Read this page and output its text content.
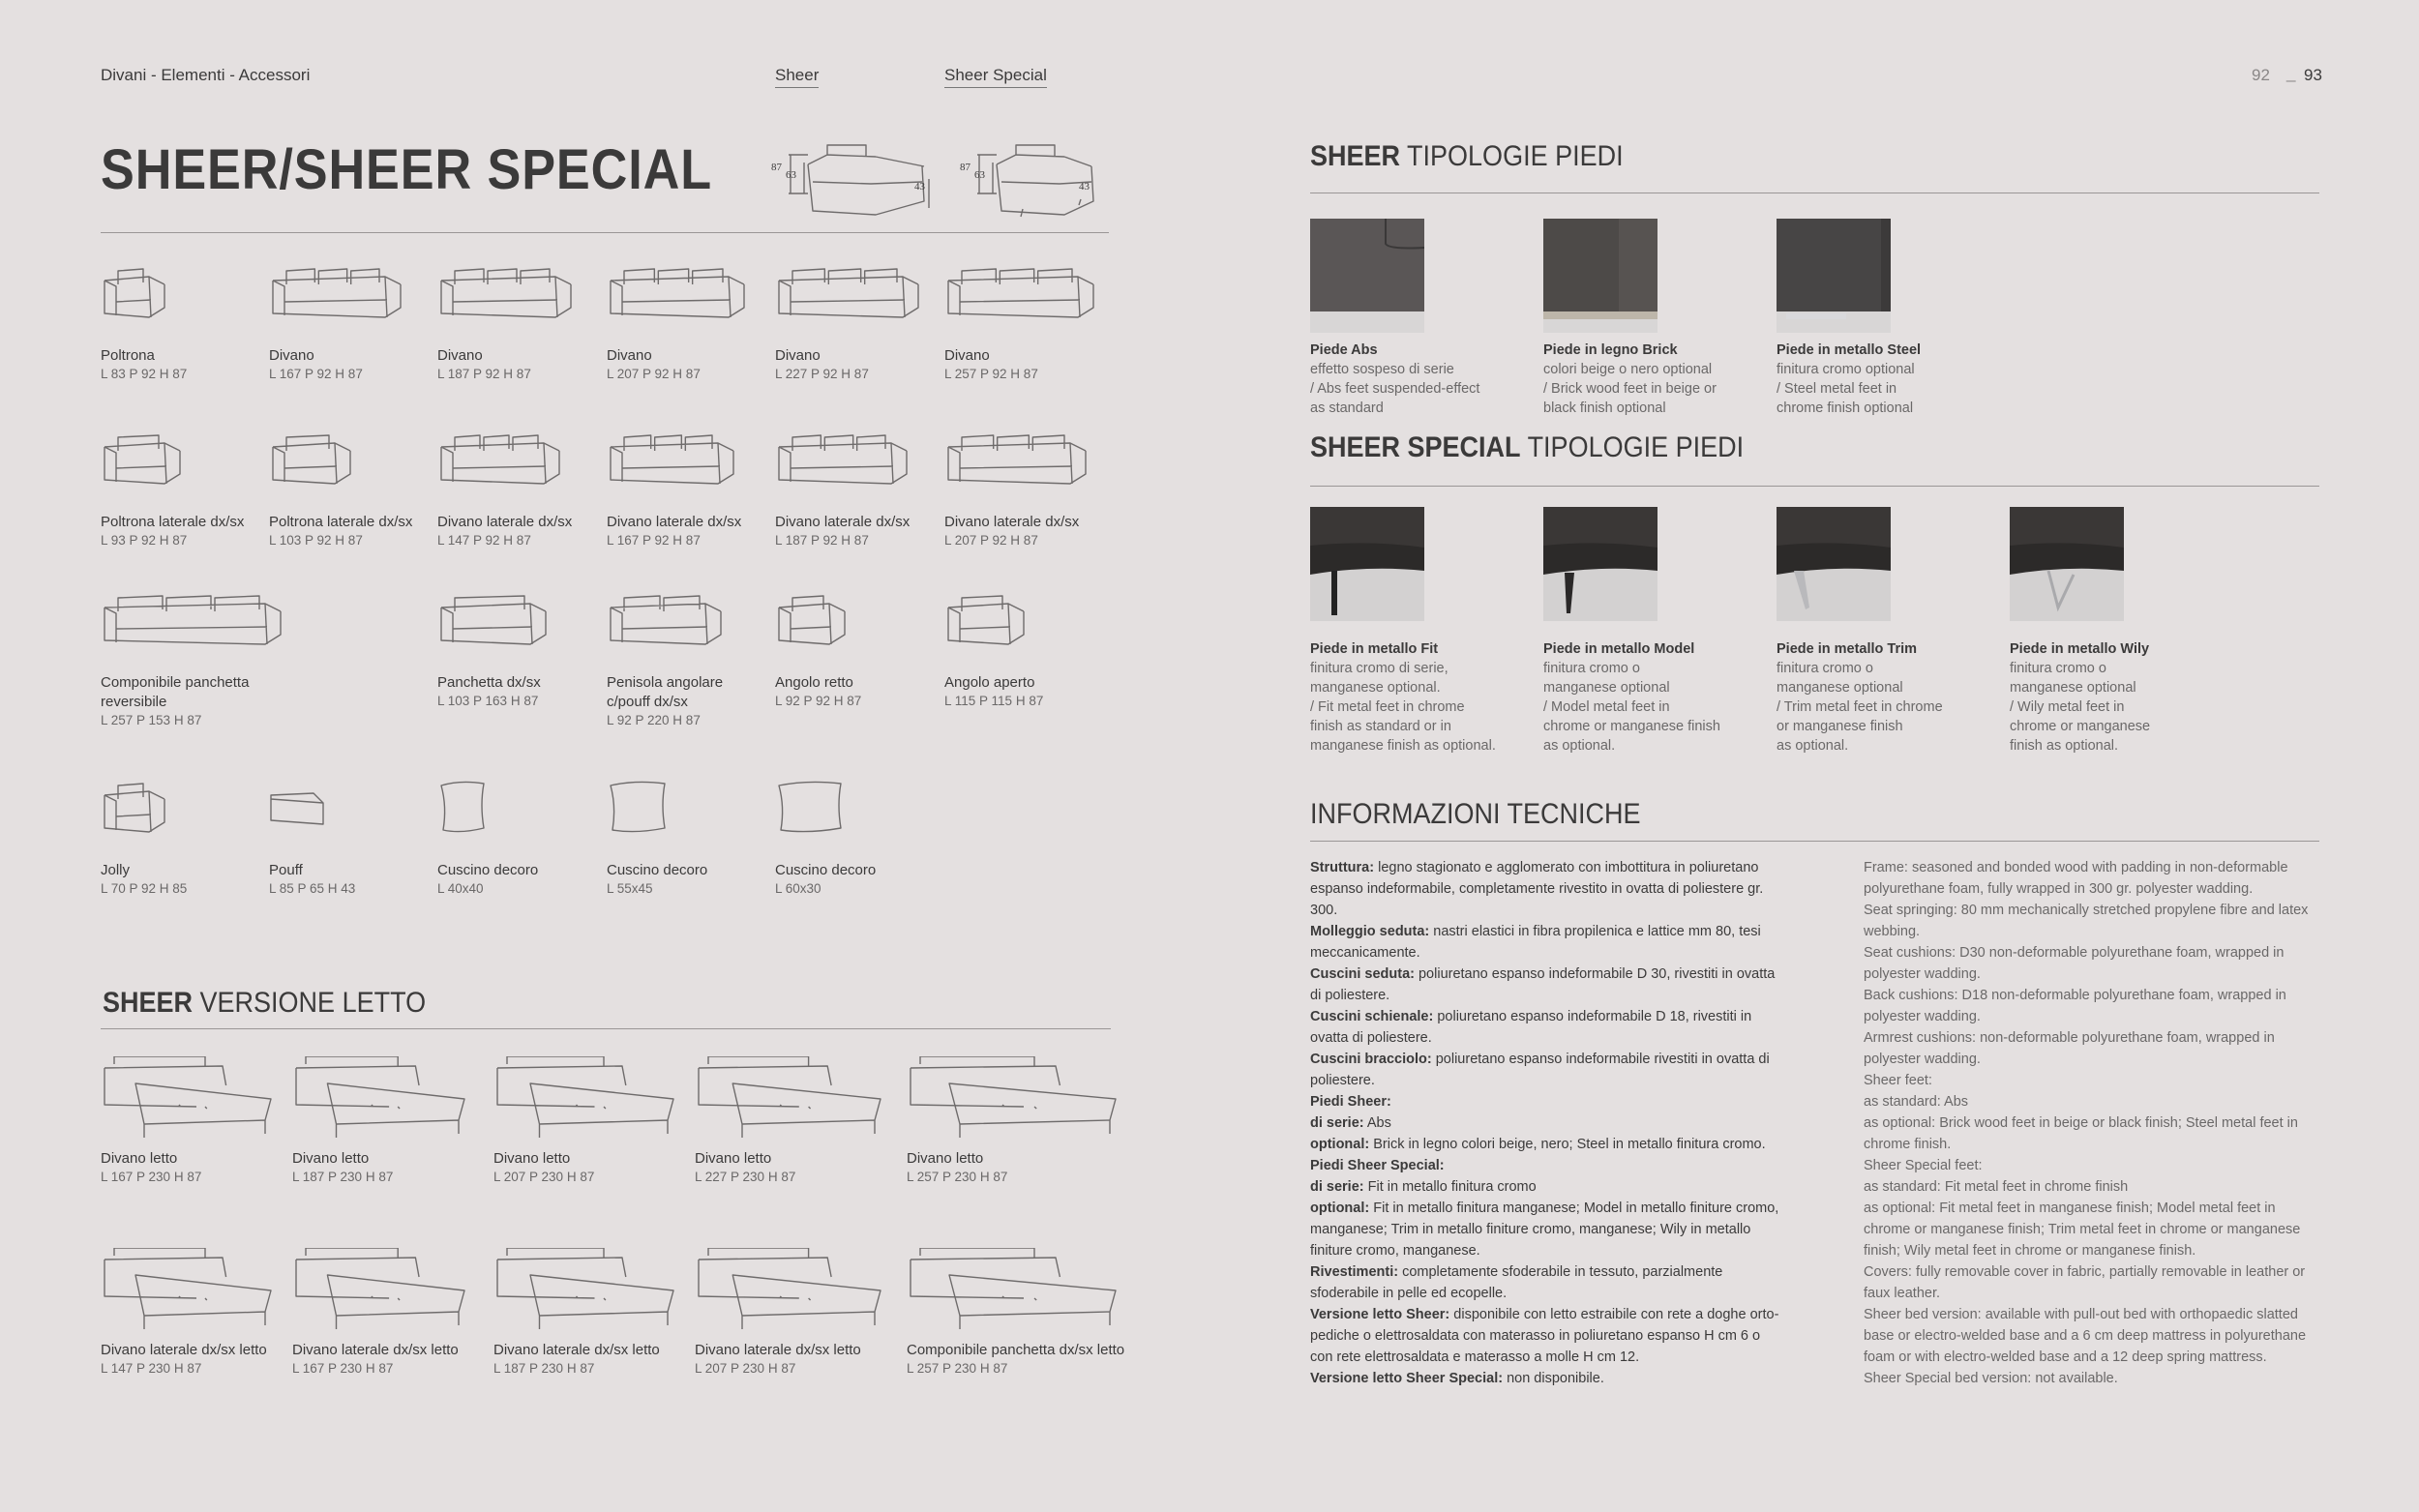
Divani - Elementi - Accessori	Sheer	Sheer Special	92 _ 93
SHEER/SHEER SPECIAL	87
63
43
87
63
43
Poltrona
L 83 P 92 H 87
Divano
L 167 P 92 H 87
Divano
L 187 P 92 H 87
Divano
L 207 P 92 H 87
Divano
L 227 P 92 H 87
Divano
L 257 P 92 H 87
Poltrona laterale dx/sx
L 93 P 92 H 87
Poltrona laterale dx/sx
L 103 P 92 H 87
Divano laterale dx/sx
L 147 P 92 H 87
Divano laterale dx/sx
L 167 P 92 H 87
Divano laterale dx/sx
L 187 P 92 H 87
Divano laterale dx/sx
L 207 P 92 H 87
Componibile panchetta reversibile
L 257 P 153 H 87
Panchetta dx/sx
L 103 P 163 H 87
Penisola angolare c/pouff dx/sx
L 92 P 220 H 87
Angolo retto
L 92 P 92 H 87
Angolo aperto
L 115 P 115 H 87
Jolly
L 70 P 92 H 85
Pouff
L 85 P 65 H 43
Cuscino decoro
L 40x40
Cuscino decoro
L 55x45
Cuscino decoro
L 60x30
SHEER VERSIONE LETTO
Divano letto
L 167 P 230 H 87
Divano letto
L 187 P 230 H 87
Divano letto
L 207 P 230 H 87
Divano letto
L 227 P 230 H 87
Divano letto
L 257 P 230 H 87
Divano laterale dx/sx letto
L 147 P 230 H 87
Divano laterale dx/sx letto
L 167 P 230 H 87
Divano laterale dx/sx letto
L 187 P 230 H 87
Divano laterale dx/sx letto
L 207 P 230 H 87
Componibile panchetta dx/sx letto
L 257 P 230 H 87
SHEER TIPOLOGIE PIEDI
Piede Abs
effetto sospeso di serie
/ Abs feet suspended-effect
as standard
Piede in legno Brick
colori beige o nero optional
/ Brick wood feet in beige or
black finish optional
Piede in metallo Steel
finitura cromo optional
/ Steel metal feet in
chrome finish optional
SHEER SPECIAL TIPOLOGIE PIEDI
Piede in metallo Fit
finitura cromo di serie,
manganese optional.
/ Fit metal feet in chrome
finish as standard or in
manganese finish as optional.
Piede in metallo Model
finitura cromo o
manganese optional
/ Model metal feet in
chrome or manganese finish
as optional.
Piede in metallo Trim
finitura cromo o
manganese optional
/ Trim metal feet in chrome
or manganese finish
as optional.
Piede in metallo Wily
finitura cromo o
manganese optional
/ Wily metal feet in
chrome or manganese
finish as optional.
INFORMAZIONI TECNICHE
Struttura: legno stagionato e agglomerato con imbottitura in poliuretano espanso indeformabile, completamente rivestito in ovatta di poliestere gr. 300.
Molleggio seduta: nastri elastici in fibra propilenica e lattice mm 80, tesi meccanicamente.
Cuscini seduta: poliuretano espanso indeformabile D 30, rivestiti in ovatta di poliestere.
Cuscini schienale: poliuretano espanso indeformabile D 18, rivestiti in ovatta di poliestere.
Cuscini bracciolo: poliuretano espanso indeformabile rivestiti in ovatta di poliestere.
Piedi Sheer:
di serie: Abs
optional: Brick in legno colori beige, nero; Steel in metallo finitura cromo.
Piedi Sheer Special:
di serie: Fit in metallo finitura cromo
optional: Fit in metallo finitura manganese; Model in metallo finiture cromo, manganese; Trim in metallo finiture cromo, manganese; Wily in metallo finiture cromo, manganese.
Rivestimenti: completamente sfoderabile in tessuto, parzialmente sfoderabile in pelle ed ecopelle.
Versione letto Sheer: disponibile con letto estraibile con rete a doghe orto-pediche o elettrosaldata con materasso in poliuretano espanso H cm 6 o con rete elettrosaldata e materasso a molle H cm 12.
Versione letto Sheer Special: non disponibile.
Frame: seasoned and bonded wood with padding in non-deformable polyurethane foam, fully wrapped in 300 gr. polyester wadding.
Seat springing: 80 mm mechanically stretched propylene fibre and latex webbing.
Seat cushions: D30 non-deformable polyurethane foam, wrapped in polyester wadding.
Back cushions: D18 non-deformable polyurethane foam, wrapped in polyester wadding.
Armrest cushions: non-deformable polyurethane foam, wrapped in polyester wadding.
Sheer feet:
as standard: Abs
as optional: Brick wood feet in beige or black finish; Steel metal feet in chrome finish.
Sheer Special feet:
as standard: Fit metal feet in chrome finish
as optional: Fit metal feet in manganese finish; Model metal feet in chrome or manganese finish; Trim metal feet in chrome or manganese finish; Wily metal feet in chrome or manganese finish.
Covers: fully removable cover in fabric, partially removable in leather or faux leather.
Sheer bed version: available with pull-out bed with orthopaedic slatted base or electro-welded base and a 6 cm deep mattress in polyurethane foam or with electro-welded base and a 12 deep spring mattress.
Sheer Special bed version: not available.
